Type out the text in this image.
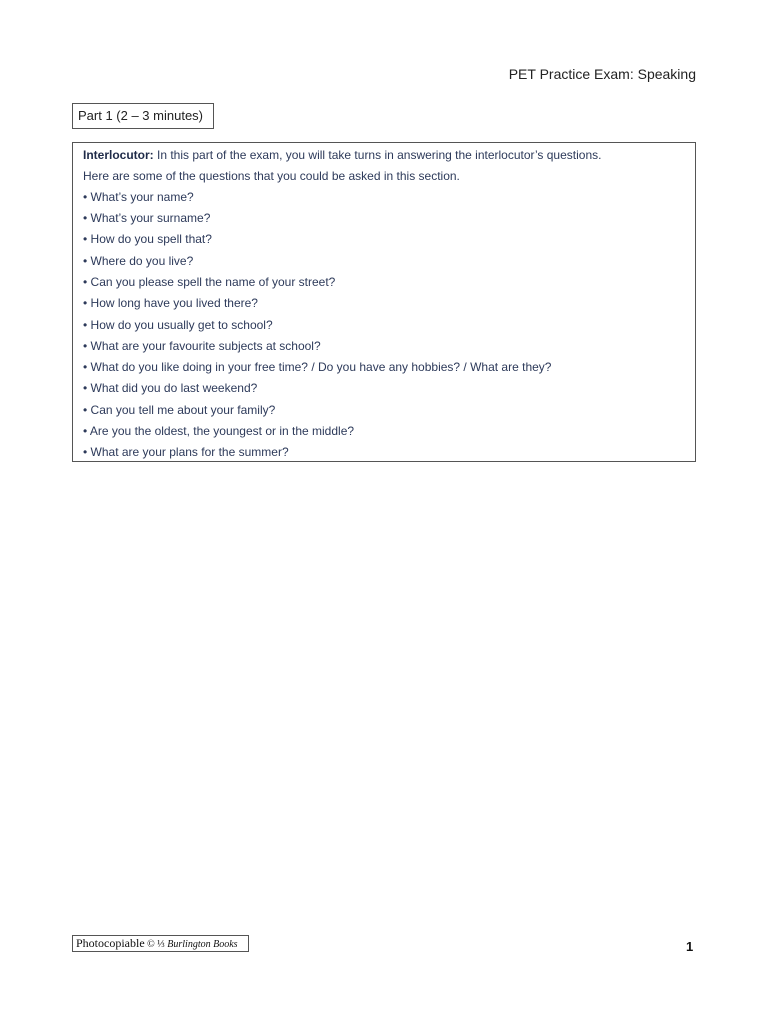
PET Practice Exam: Speaking
Part 1 (2 – 3 minutes)
Interlocutor: In this part of the exam, you will take turns in answering the interlocutor’s questions.
Here are some of the questions that you could be asked in this section.
• What’s your name?
• What’s your surname?
• How do you spell that?
• Where do you live?
• Can you please spell the name of your street?
• How long have you lived there?
• How do you usually get to school?
• What are your favourite subjects at school?
• What do you like doing in your free time? / Do you have any hobbies? / What are they?
• What did you do last weekend?
• Can you tell me about your family?
• Are you the oldest, the youngest or in the middle?
• What are your plans for the summer?
Photocopiable © ⅓ Burlington Books	1
